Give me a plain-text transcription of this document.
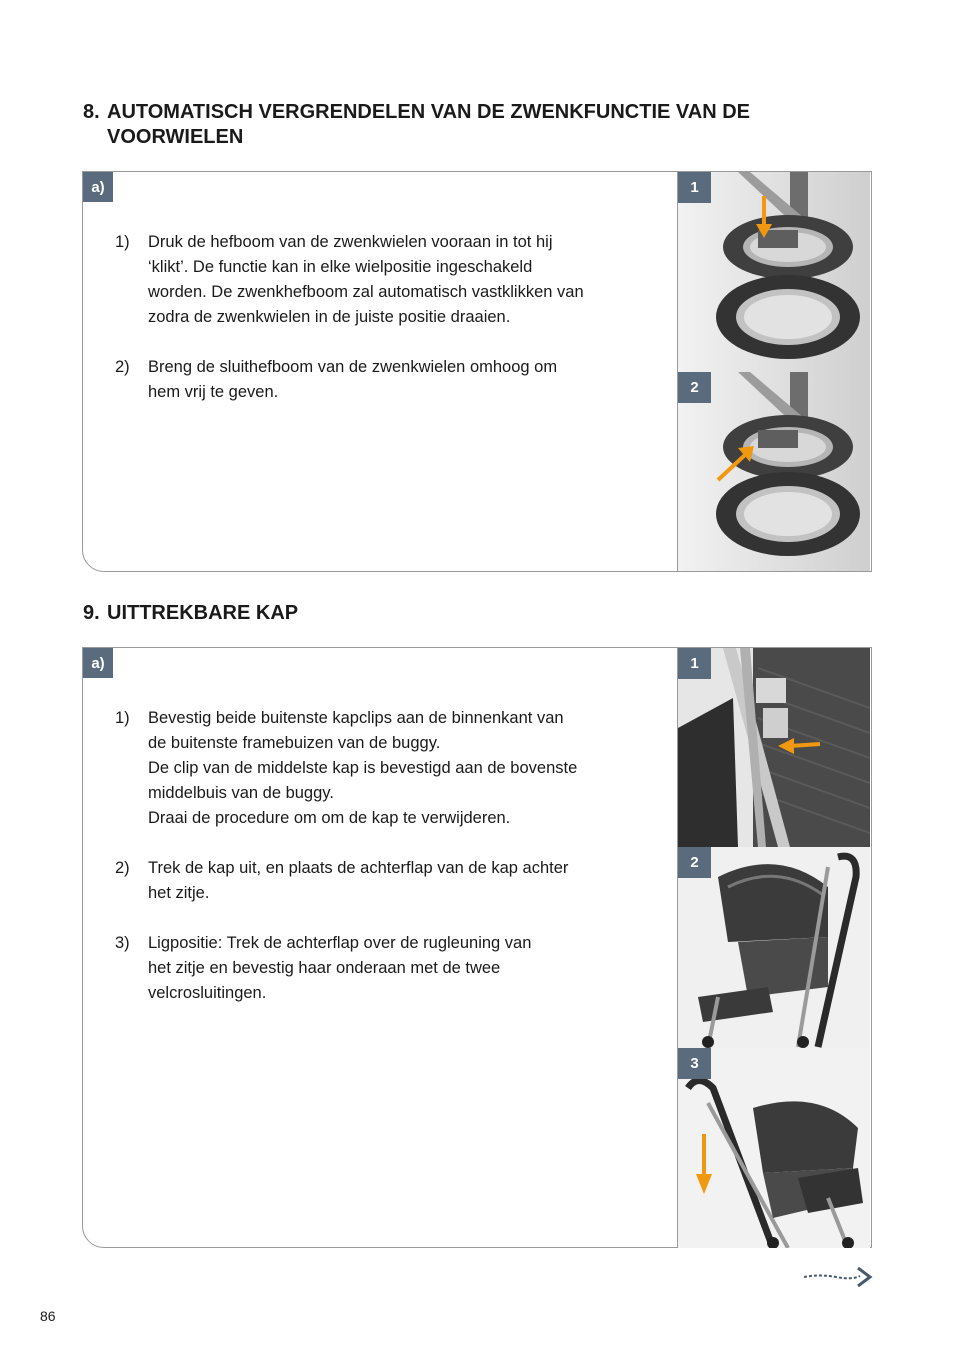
8. AUTOMATISCH VERGRENDELEN VAN DE ZWENKFUNCTIE VAN DE
VOORWIELEN
a)
1) Druk de hefboom van de zwenkwielen vooraan in tot hij
‘klikt’. De functie kan in elke wielpositie ingeschakeld
worden. De zwenkhefboom zal automatisch vastklikken van
zodra de zwenkwielen in de juiste positie draaien.
2) Breng de sluithefboom van de zwenkwielen omhoog om
hem vrij te geven.
1
2
9. UITTREKBARE KAP
a)
1) Bevestig beide buitenste kapclips aan de binnenkant van
de buitenste framebuizen van de buggy.
De clip van de middelste kap is bevestigd aan de bovenste
middelbuis van de buggy.
Draai de procedure om om de kap te verwijderen.
2) Trek de kap uit, en plaats de achterflap van de kap achter
het zitje.
3) Ligpositie: Trek de achterflap over de rugleuning van
het zitje en bevestig haar onderaan met de twee
velcrosluitingen.
1
2
3
86
